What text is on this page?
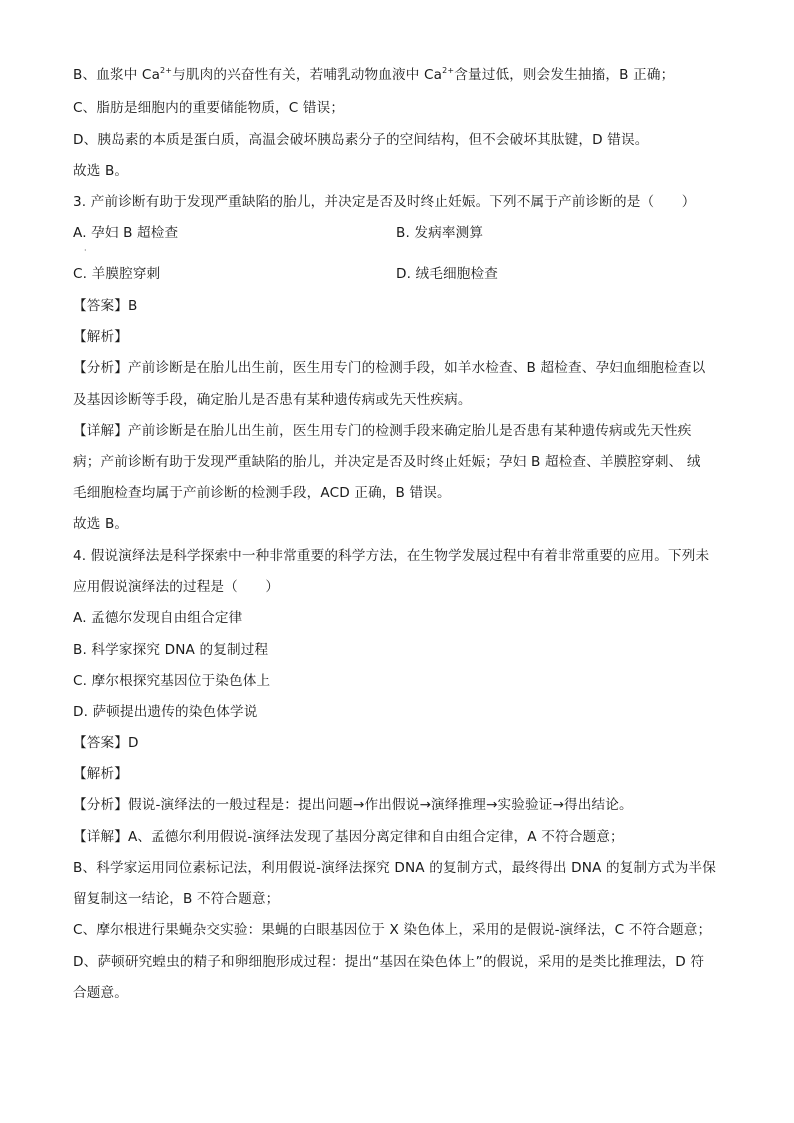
B、血浆中 $Ca^{2+}$与肌肉的兴奋性有关，若哺乳动物血液中 $Ca^{2+}$含量过低，则会发生抽搐，B 正确；
C、脂肪是细胞内的重要储能物质，C 错误；
D、胰岛素的本质是蛋白质，高温会破坏胰岛素分子的空间结构，但不会破坏其肽键，D 错误。
故选 B。
3. 产前诊断有助于发现严重缺陷的胎儿，并决定是否及时终止妊娠。下列不属于产前诊断的是（　　）
A. 孕妇 B 超检查	B. 发病率测算
·
C. 羊膜腔穿刺	D. 绒毛细胞检查
【答案】B
【解析】
【分析】产前诊断是在胎儿出生前，医生用专门的检测手段，如羊水检查、B 超检查、孕妇血细胞检查以
及基因诊断等手段，确定胎儿是否患有某种遗传病或先天性疾病。
【详解】产前诊断是在胎儿出生前，医生用专门的检测手段来确定胎儿是否患有某种遗传病或先天性疾
病；产前诊断有助于发现严重缺陷的胎儿，并决定是否及时终止妊娠；孕妇 B 超检查、羊膜腔穿刺、 绒
毛细胞检查均属于产前诊断的检测手段，ACD 正确，B 错误。
故选 B。
4. 假说演绎法是科学探索中一种非常重要的科学方法，在生物学发展过程中有着非常重要的应用。下列未
应用假说演绎法的过程是（　　）
A. 孟德尔发现自由组合定律
B. 科学家探究 DNA 的复制过程
C. 摩尔根探究基因位于染色体上
D. 萨顿提出遗传的染色体学说
【答案】D
【解析】
【分析】假说-演绎法的一般过程是：提出问题→作出假说→演绎推理→实验验证→得出结论。
【详解】A、孟德尔利用假说-演绎法发现了基因分离定律和自由组合定律，A 不符合题意；
B、科学家运用同位素标记法，利用假说-演绎法探究 DNA 的复制方式，最终得出 DNA 的复制方式为半保
留复制这一结论，B 不符合题意；
C、摩尔根进行果蝇杂交实验：果蝇的白眼基因位于 X 染色体上，采用的是假说-演绎法，C 不符合题意；
D、萨顿研究蝗虫的精子和卵细胞形成过程：提出“基因在染色体上”的假说，采用的是类比推理法，D 符
合题意。
